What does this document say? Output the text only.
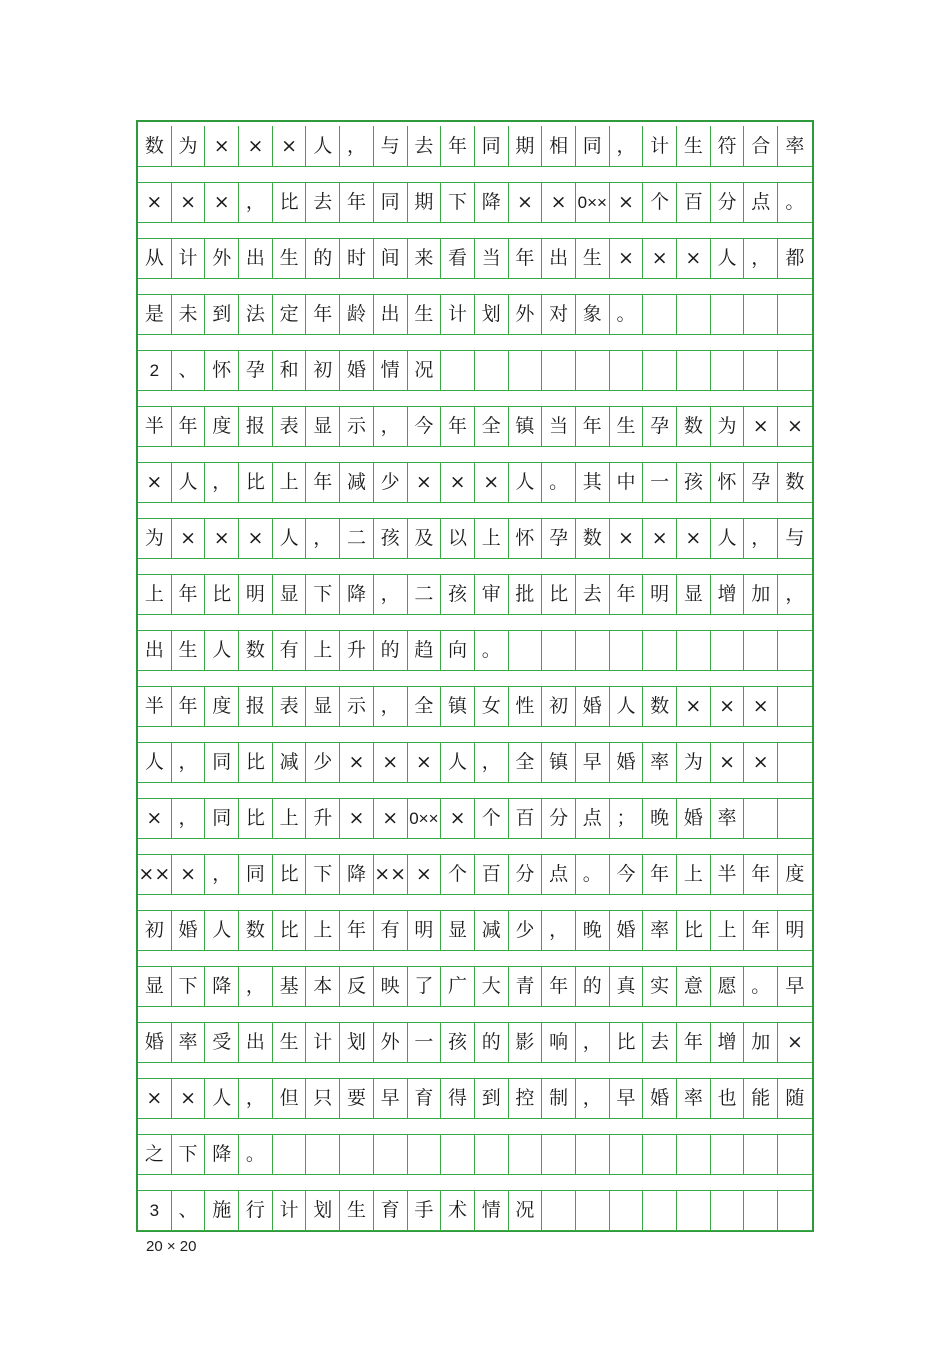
数 为 × × × 人 ， 与 去 年 同 期 相 同 ， 计 生 符 合 率
× × × ， 比 去 年 同 期 下 降 × × 0×× × 个 百 分 点 。
从 计 外 出 生 的 时 间 来 看 当 年 出 生 × × × 人 ， 都
是 未 到 法 定 年 龄 出 生 计 划 外 对 象 。
2	、 怀 孕 和 初 婚 情 况
半 年 度 报 表 显 示 ， 今 年 全 镇 当 年 生 孕 数 为 × ×
× 人 ， 比 上 年 减 少 × × × 人 。 其 中 一 孩 怀 孕 数
为 × × × 人 ， 二 孩 及 以 上 怀 孕 数 × × × 人 ， 与
上 年 比 明 显 下 降 ， 二 孩 审 批 比 去 年 明 显 增 加 ，
出 生 人 数 有 上 升 的 趋 向 。
半 年 度 报 表 显 示 ， 全 镇 女 性 初 婚 人 数 × × ×
人 ， 同 比 减 少 × × × 人 ， 全 镇 早 婚 率 为 × ×
× ， 同 比 上 升 × × 0×× × 个 百 分 点 ； 晚 婚 率
×× × ， 同 比 下 降 ×× × 个 百 分 点 。 今 年 上 半 年 度
初 婚 人 数 比 上 年 有 明 显 减 少 ， 晚 婚 率 比 上 年 明
显 下 降 ， 基 本 反 映 了 广 大 青 年 的 真 实 意 愿 。 早
婚 率 受 出 生 计 划 外 一 孩 的 影 响 ， 比 去 年 增 加 ×
× × 人 ， 但 只 要 早 育 得 到 控 制 ， 早 婚 率 也 能 随
之 下 降 。
3	、 施 行 计 划 生 育 手 术 情 况
20 × 20
